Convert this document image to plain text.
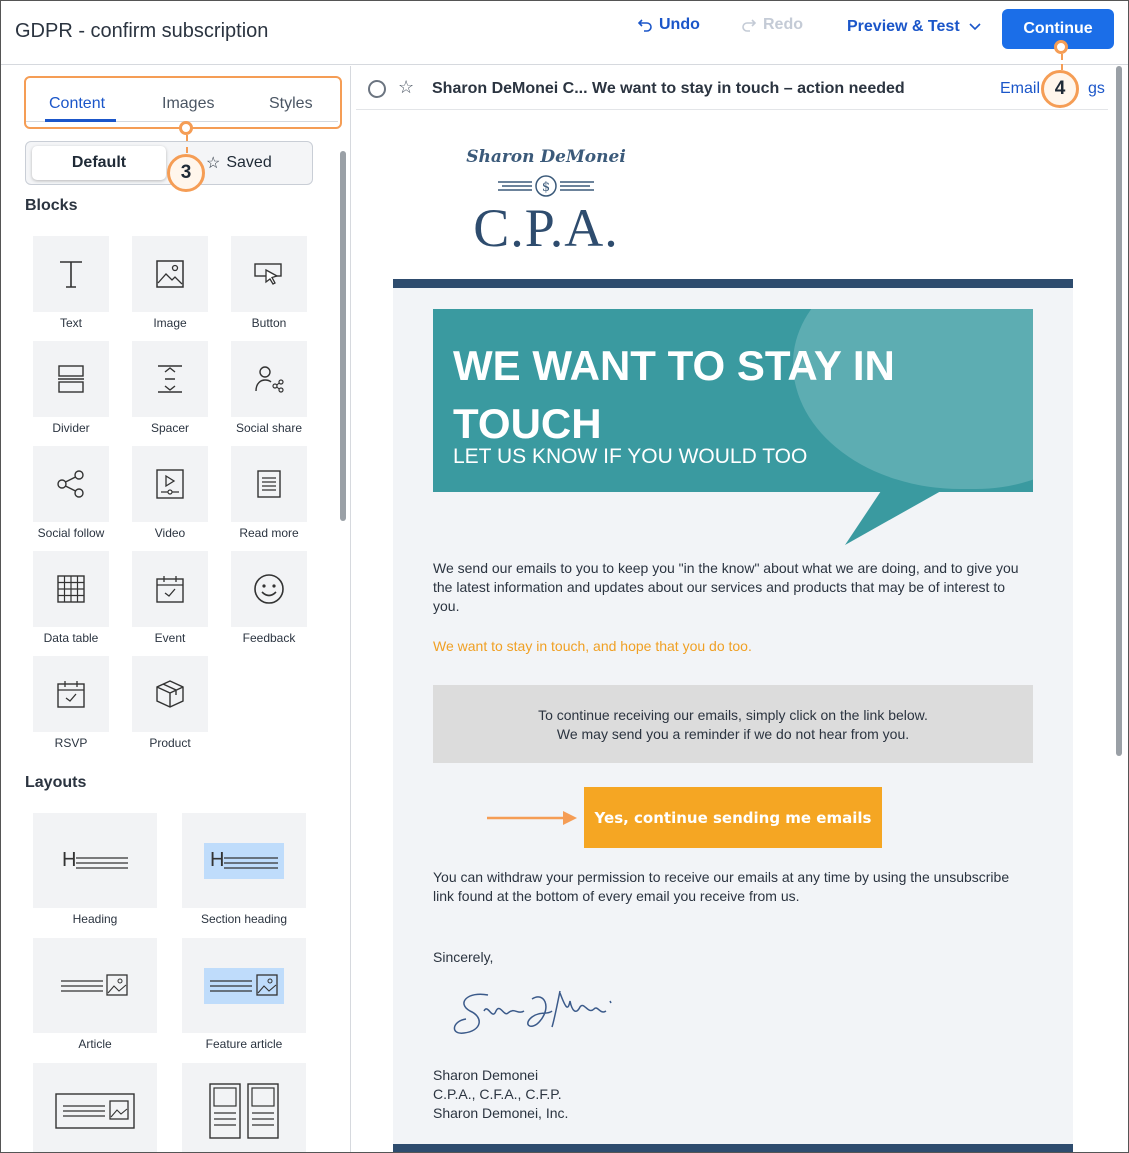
GDPR - confirm subscription	Undo	Redo	Preview & Test	Continue
Content	Images	Styles
Default	☆ Saved
Blocks
Text	Image	Button
Divider	Spacer	Social share
Social follow	Video	Read more
Data table	Event	Feedback
RSVP	Product
Layouts
H
Heading
H
Section heading
Article	Feature article
3
☆ Sharon DeMonei C... We want to stay in touch – action needed	Email	gs
Sharon DeMonei
$
C.P.A.
WE WANT TO STAY IN TOUCH
LET US KNOW IF YOU WOULD TOO
We send our emails to you to keep you "in the know" about what we are doing, and to give you the latest information and updates about our services and products that may be of interest to you.
We want to stay in touch, and hope that you do too.
To continue receiving our emails, simply click on the link below.
We may send you a reminder if we do not hear from you.
Yes, continue sending me emails
You can withdraw your permission to receive our emails at any time by using the unsubscribe link found at the bottom of every email you receive from us.
Sincerely,
Sharon Demonei
C.P.A., C.F.A., C.F.P.
Sharon Demonei, Inc.
4
